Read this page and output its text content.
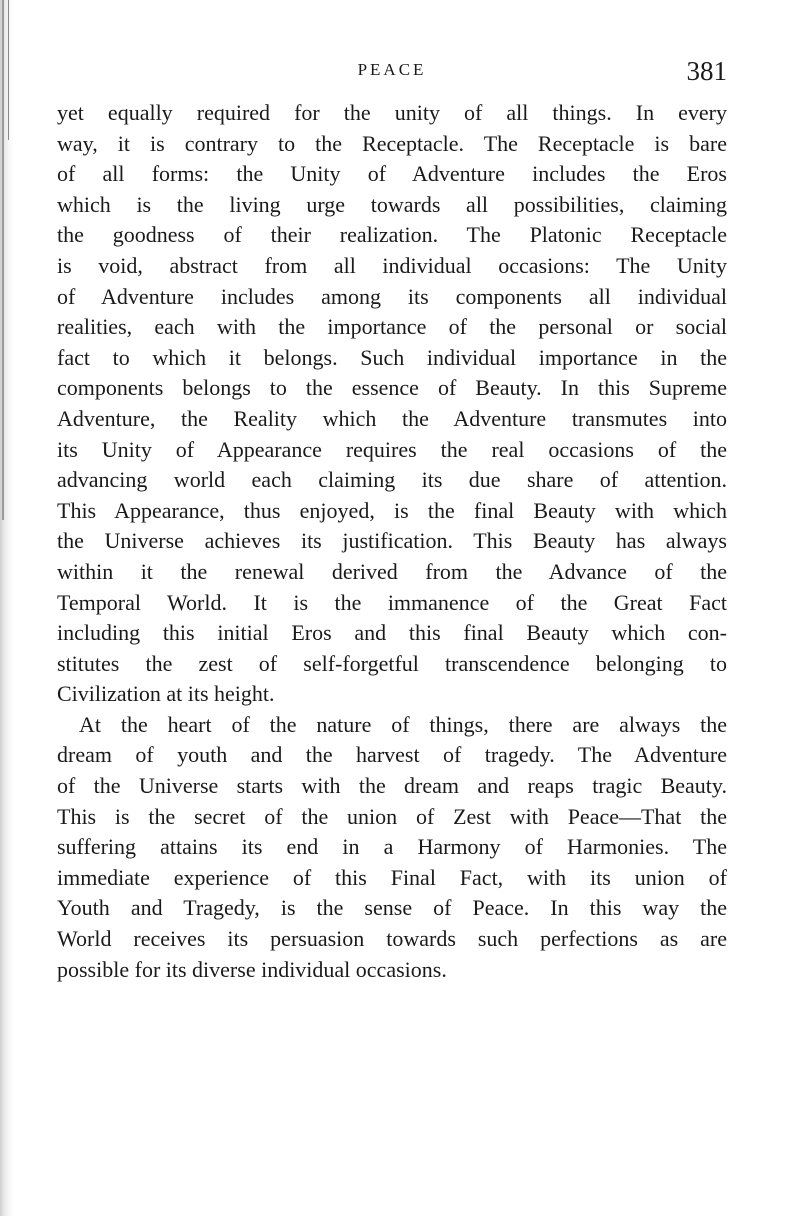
PEACE	381
yet equally required for the unity of all things. In every
way, it is contrary to the Receptacle. The Receptacle is bare
of all forms: the Unity of Adventure includes the Eros
which is the living urge towards all possibilities, claiming
the goodness of their realization. The Platonic Receptacle
is void, abstract from all individual occasions: The Unity
of Adventure includes among its components all individual
realities, each with the importance of the personal or social
fact to which it belongs. Such individual importance in the
components belongs to the essence of Beauty. In this Supreme
Adventure, the Reality which the Adventure transmutes into
its Unity of Appearance requires the real occasions of the
advancing world each claiming its due share of attention.
This Appearance, thus enjoyed, is the final Beauty with which
the Universe achieves its justification. This Beauty has always
within it the renewal derived from the Advance of the
Temporal World. It is the immanence of the Great Fact
including this initial Eros and this final Beauty which con-
stitutes the zest of self-forgetful transcendence belonging to
Civilization at its height.
At the heart of the nature of things, there are always the
dream of youth and the harvest of tragedy. The Adventure
of the Universe starts with the dream and reaps tragic Beauty.
This is the secret of the union of Zest with Peace—That the
suffering attains its end in a Harmony of Harmonies. The
immediate experience of this Final Fact, with its union of
Youth and Tragedy, is the sense of Peace. In this way the
World receives its persuasion towards such perfections as are
possible for its diverse individual occasions.
